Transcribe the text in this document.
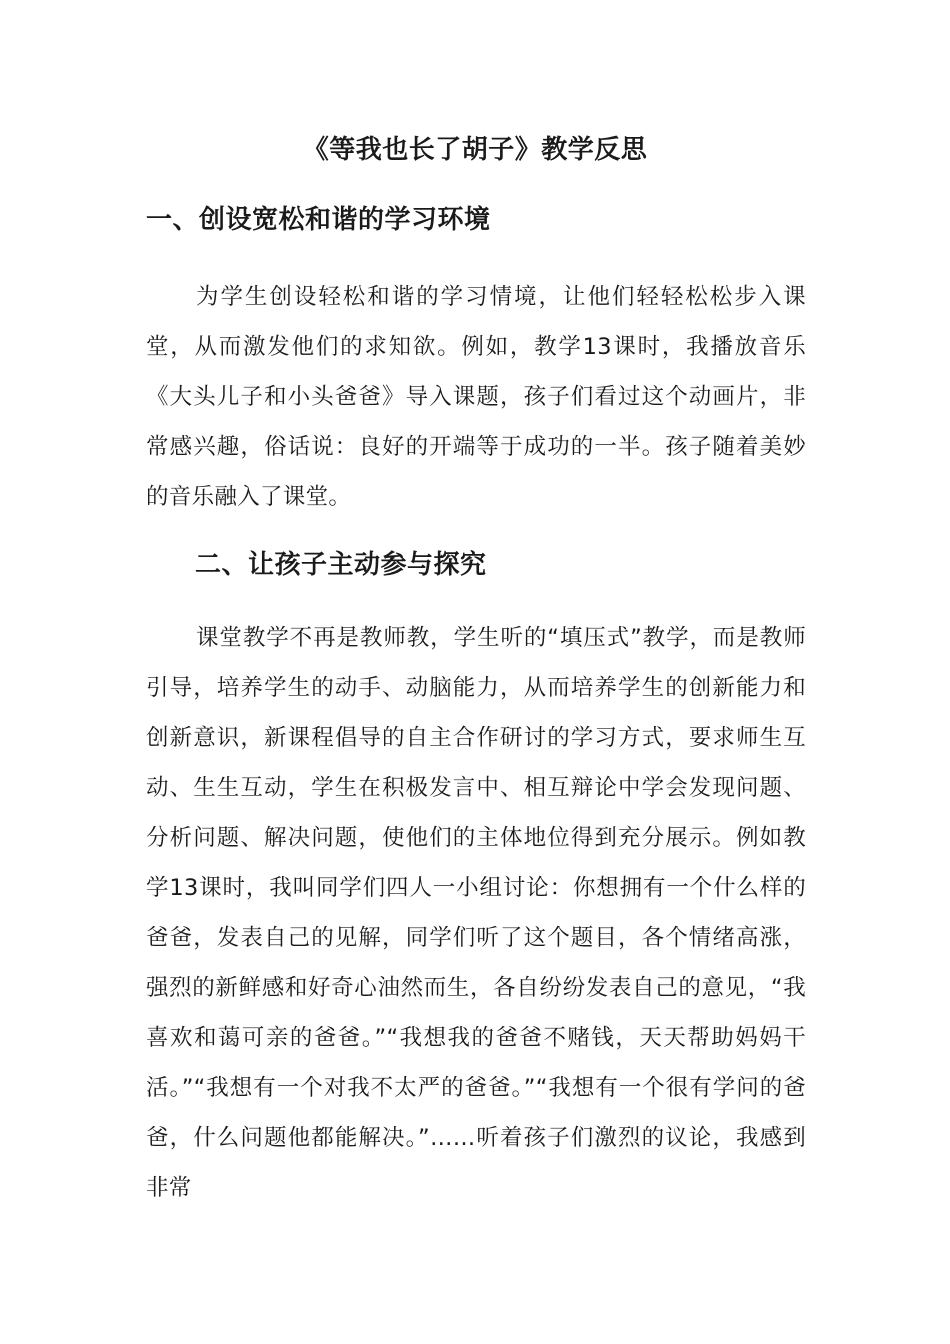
《等我也长了胡子》教学反思
一、创设宽松和谐的学习环境
为学生创设轻松和谐的学习情境，让他们轻轻松松步入课堂，从而激发他们的求知欲。例如，教学13课时，我播放音乐《大头儿子和小头爸爸》导入课题，孩子们看过这个动画片，非常感兴趣，俗话说：良好的开端等于成功的一半。孩子随着美妙的音乐融入了课堂。
二、让孩子主动参与探究
课堂教学不再是教师教，学生听的“填压式”教学，而是教师引导，培养学生的动手、动脑能力，从而培养学生的创新能力和创新意识，新课程倡导的自主合作研讨的学习方式，要求师生互动、生生互动，学生在积极发言中、相互辩论中学会发现问题、分析问题、解决问题，使他们的主体地位得到充分展示。例如教学13课时，我叫同学们四人一小组讨论：你想拥有一个什么样的爸爸，发表自己的见解，同学们听了这个题目，各个情绪高涨，强烈的新鲜感和好奇心油然而生，各自纷纷发表自己的意见，“我喜欢和蔼可亲的爸爸。”“我想我的爸爸不赌钱，天天帮助妈妈干活。”“我想有一个对我不太严的爸爸。”“我想有一个很有学问的爸爸，什么问题他都能解决。”……听着孩子们激烈的议论，我感到非常
